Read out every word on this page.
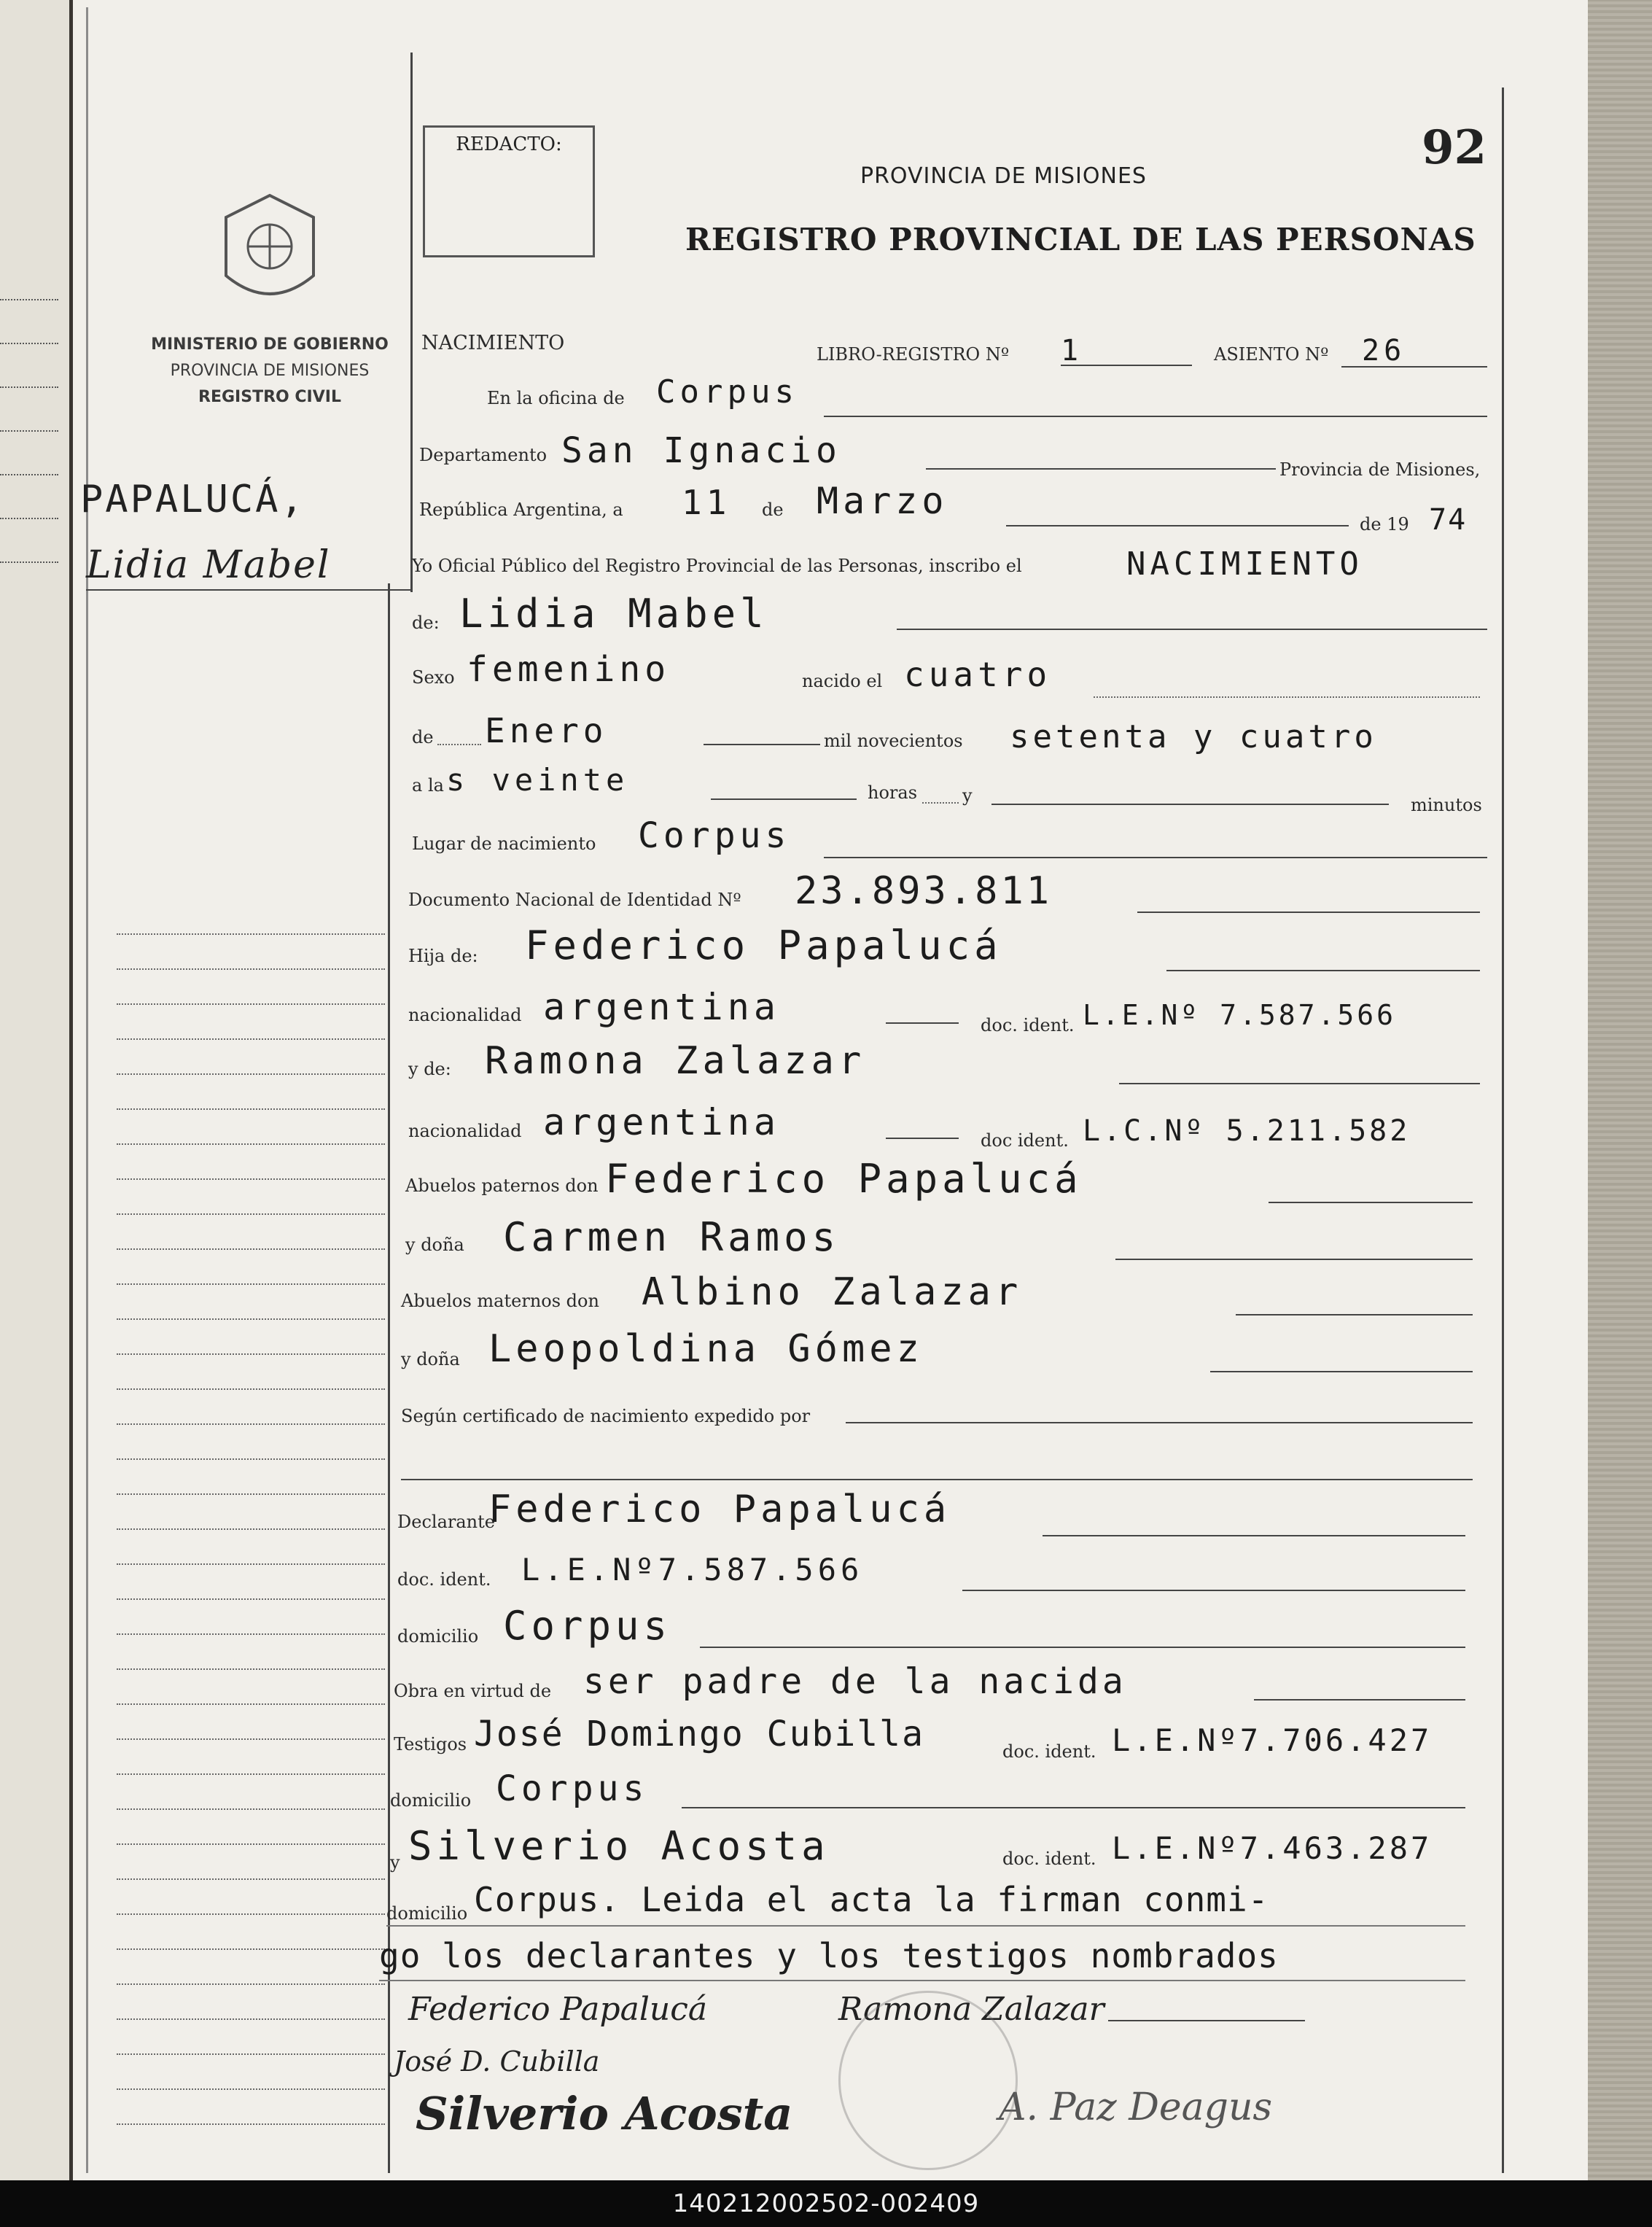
MINISTERIO DE GOBIERNO
PROVINCIA DE MISIONES
REGISTRO CIVIL
PAPALUCÁ,
Lidia Mabel
REDACTO:	92
PROVINCIA DE MISIONES
REGISTRO PROVINCIAL DE LAS PERSONAS
NACIMIENTO	LIBRO-REGISTRO Nº 1	ASIENTO Nº 26
En la oficina de Corpus
Departamento San Ignacio	Provincia de Misiones,
República Argentina, a 11 de Marzo
de 19 74
Yo Oficial Público del Registro Provincial de las Personas, inscribo el	NACIMIENTO
de: Lidia Mabel
Sexo femenino	nacido el cuatro
de Enero	mil novecientos setenta y cuatro
a la s veinte	horas	y	minutos
Lugar de nacimiento Corpus
Documento Nacional de Identidad Nº 23.893.811
Hija de: Federico Papalucá
nacionalidad argentina	doc. ident. L.E.Nº 7.587.566
y de: Ramona Zalazar
nacionalidad argentina	doc ident. L.C.Nº 5.211.582
Abuelos paternos don Federico Papalucá
y doña Carmen Ramos
Abuelos maternos don Albino Zalazar
y doña Leopoldina Gómez
Según certificado de nacimiento expedido por
Declarante
Federico Papalucá
doc. ident. L.E.Nº7.587.566
domicilio Corpus
Obra en virtud de ser padre de la nacida
Testigos José Domingo Cubilla	doc. ident. L.E.Nº7.706.427
domicilio Corpus
y Silverio Acosta	doc. ident. L.E.Nº7.463.287
domicilio Corpus. Leida el acta la firman conmi-
go los declarantes y los testigos nombrados
Federico Papalucá	Ramona Zalazar
José D. Cubilla
Silverio Acosta	A. Paz Deagus
140212002502-002409
